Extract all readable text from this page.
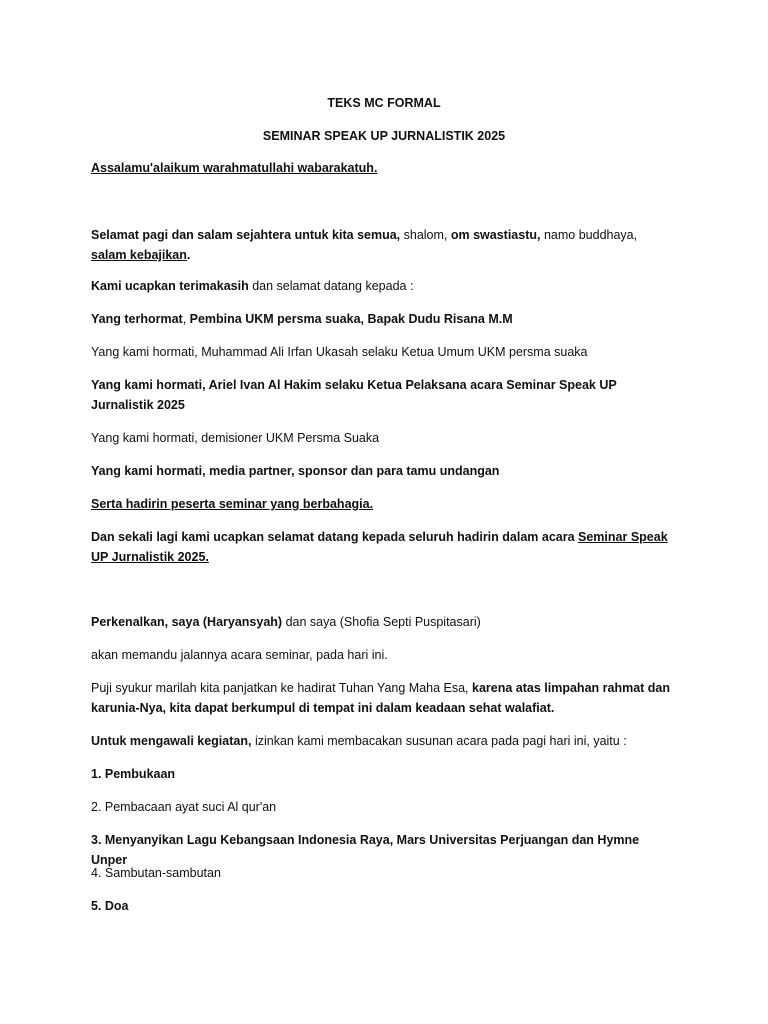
TEKS MC FORMAL
SEMINAR SPEAK UP JURNALISTIK 2025
Assalamu'alaikum warahmatullahi wabarakatuh.
Selamat pagi dan salam sejahtera untuk kita semua, shalom, om swastiastu, namo buddhaya, salam kebajikan.
Kami ucapkan terimakasih dan selamat datang kepada :
Yang terhormat, Pembina UKM persma suaka, Bapak Dudu Risana M.M
Yang kami hormati, Muhammad Ali Irfan Ukasah selaku Ketua Umum UKM persma suaka
Yang kami hormati, Ariel Ivan Al Hakim selaku Ketua Pelaksana acara Seminar Speak UP Jurnalistik 2025
Yang kami hormati, demisioner UKM Persma Suaka
Yang kami hormati, media partner, sponsor dan para tamu undangan
Serta hadirin peserta seminar yang berbahagia.
Dan sekali lagi kami ucapkan selamat datang kepada seluruh hadirin dalam acara Seminar Speak UP Jurnalistik 2025.
Perkenalkan, saya (Haryansyah) dan saya (Shofia Septi Puspitasari)
akan memandu jalannya acara seminar, pada hari ini.
Puji syukur marilah kita panjatkan ke hadirat Tuhan Yang Maha Esa, karena atas limpahan rahmat dan karunia-Nya, kita dapat berkumpul di tempat ini dalam keadaan sehat walafiat.
Untuk mengawali kegiatan, izinkan kami membacakan susunan acara pada pagi hari ini, yaitu :
1. Pembukaan
2. Pembacaan ayat suci Al qur'an
3. Menyanyikan Lagu Kebangsaan Indonesia Raya, Mars Universitas Perjuangan dan Hymne Unper
4. Sambutan-sambutan
5. Doa
